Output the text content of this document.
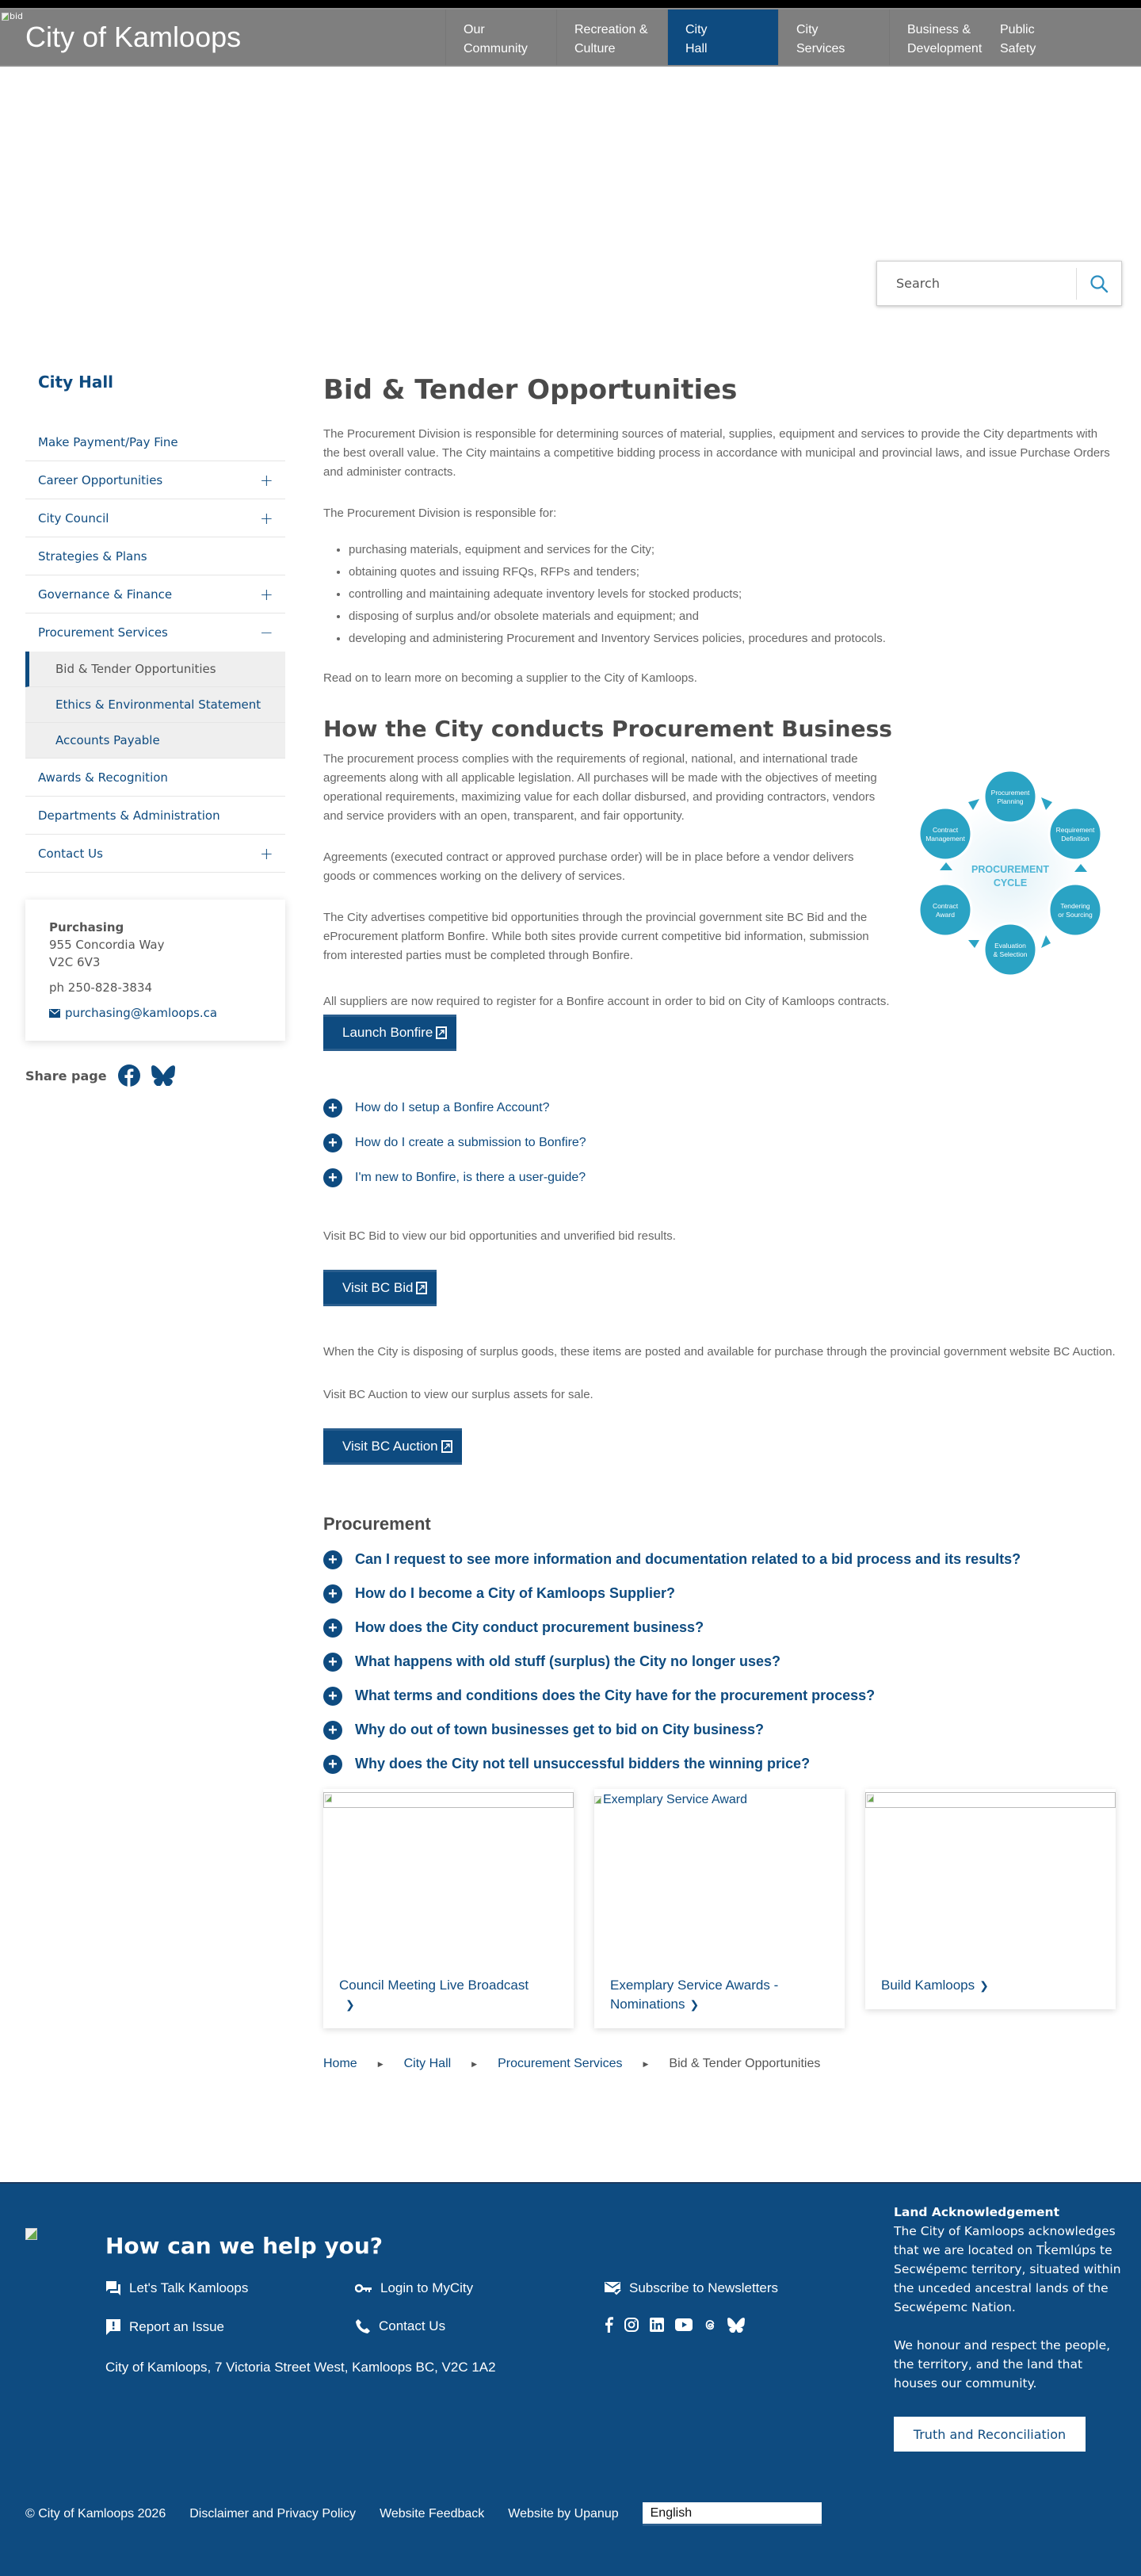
bid
City of Kamloops	Our
Community
Recreation &
Culture
City
Hall
City
Services
Business &
Development
Public
Safety
Search
City Hall
Make Payment/Pay Fine
Career Opportunities	+
City Council	+
Strategies & Plans
Governance & Finance	+
Procurement Services	−
Bid & Tender Opportunities
Ethics & Environmental Statement
Accounts Payable
Awards & Recognition
Departments & Administration
Contact Us	+
Purchasing
955 Concordia Way
V2C 6V3
ph 250-828-3834
purchasing@kamloops.ca
Share page
Bid & Tender Opportunities

The Procurement Division is responsible for determining sources of material, supplies, equipment and services to provide the City departments with the best overall value. The City maintains a competitive bidding process in accordance with municipal and provincial laws, and issue Purchase Orders and administer contracts.

The Procurement Division is responsible for:

• purchasing materials, equipment and services for the City;
• obtaining quotes and issuing RFQs, RFPs and tenders;
• controlling and maintaining adequate inventory levels for stocked products;
• disposing of surplus and/or obsolete materials and equipment; and
• developing and administering Procurement and Inventory Services policies, procedures and protocols.

Read on to learn more on becoming a supplier to the City of Kamloops.

How the City conducts Procurement Business

The procurement process complies with the requirements of regional, national, and international trade agreements along with all applicable legislation. All purchases will be made with the objectives of meeting operational requirements, maximizing value for each dollar disbursed, and providing contractors, vendors and service providers with an open, transparent, and fair opportunity.

Agreements (executed contract or approved purchase order) will be in place before a vendor delivers goods or commences working on the delivery of services.

The City advertises competitive bid opportunities through the provincial government site BC Bid and the eProcurement platform Bonfire. While both sites provide current competitive bid information, submission from interested parties must be completed through Bonfire.

PROCUREMENT
CYCLE
Procurement
Planning
Requirement
Definition
Tendering
or Sourcing
Evaluation
& Selection
Contract
Award
Contract
Management

All suppliers are now required to register for a Bonfire account in order to bid on City of Kamloops contracts.

Launch Bonfire
+	How do I setup a Bonfire Account?
+	How do I create a submission to Bonfire?
+	I'm new to Bonfire, is there a user-guide?

Visit BC Bid to view our bid opportunities and unverified bid results.

Visit BC Bid

When the City is disposing of surplus goods, these items are posted and available for purchase through the provincial government website BC Auction.

Visit BC Auction to view our surplus assets for sale.

Visit BC Auction
Procurement
+	Can I request to see more information and documentation related to a bid process and its results?
+	How do I become a City of Kamloops Supplier?
+	How does the City conduct procurement business?
+	What happens with old stuff (surplus) the City no longer uses?
+	What terms and conditions does the City have for the procurement process?
+	Why do out of town businesses get to bid on City business?
+	Why does the City not tell unsuccessful bidders the winning price?
Council Meeting Live Broadcast
❯
Exemplary Service Award
Exemplary Service Awards - Nominations ❯
Build Kamloops ❯
Home	▶ City Hall	▶ Procurement Services	▶ Bid & Tender Opportunities
How can we help you?
Let's Talk Kamloops	Login to MyCity	Subscribe to Newsletters
Report an Issue	Contact Us
City of Kamloops, 7 Victoria Street West, Kamloops BC, V2C 1A2
Land Acknowledgement
The City of Kamloops acknowledges that we are located on Tk̓emlúps te Secwépemc territory, situated within the unceded ancestral lands of the Secwépemc Nation.
We honour and respect the people, the territory, and the land that houses our community.
Truth and Reconciliation
© City of Kamloops 2026 Disclaimer and Privacy Policy Website Feedback Website by Upanup	English
